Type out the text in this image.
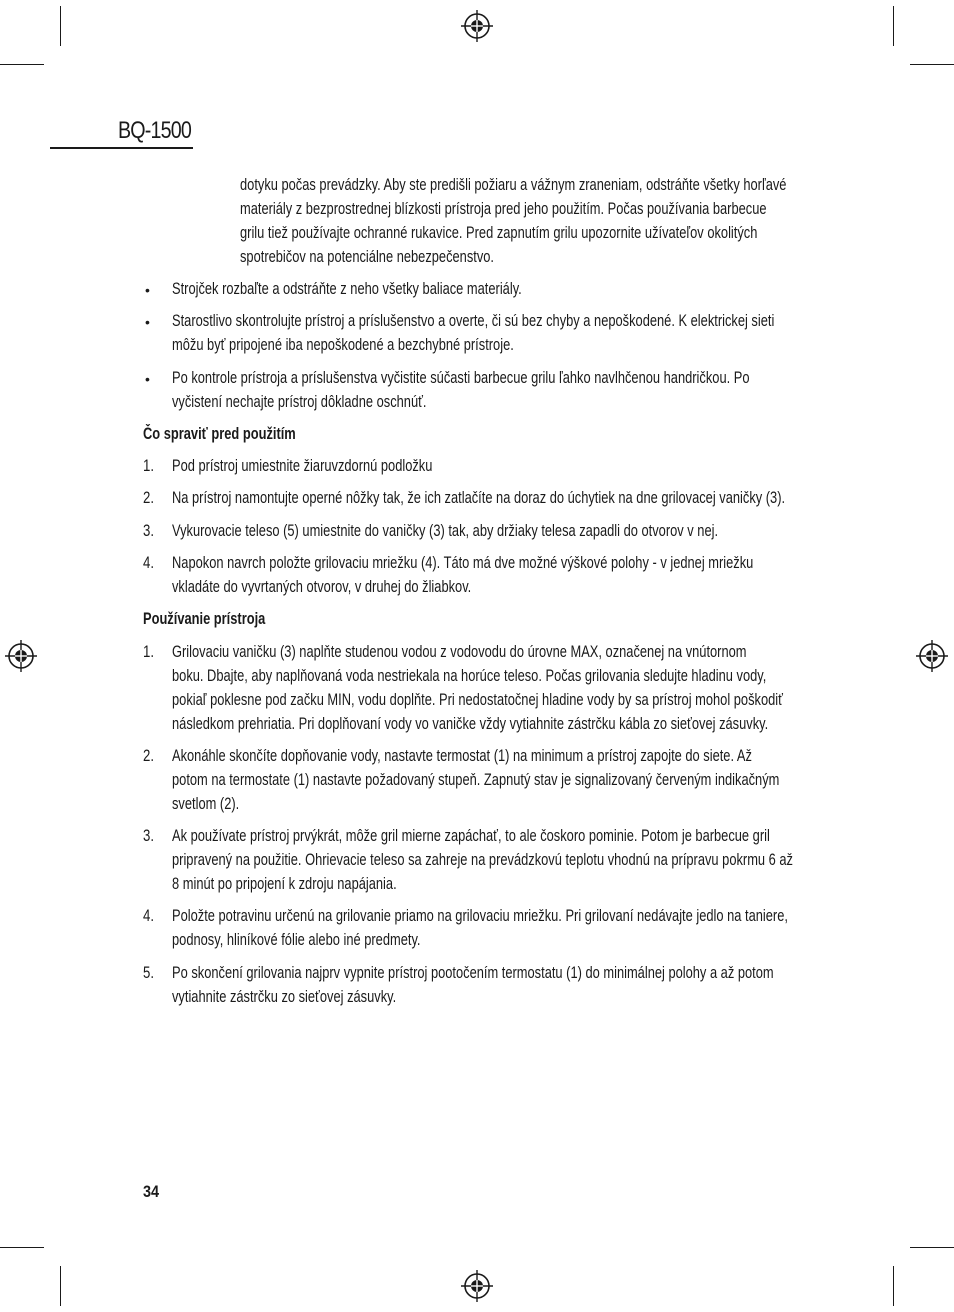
BQ-1500
dotyku počas prevádzky. Aby ste predišli požiaru a vážnym zraneniam, odstráňte všetky horľavé
materiály z bezprostrednej blízkosti prístroja pred jeho použitím. Počas používania barbecue
grilu tiež používajte ochranné rukavice. Pred zapnutím grilu upozornite užívateľov okolitých
spotrebičov na potenciálne nebezpečenstvo.
• Strojček rozbaľte a odstráňte z neho všetky baliace materiály.
• Starostlivo skontrolujte prístroj a príslušenstvo a overte, či sú bez chyby a nepoškodené. K elektrickej sieti
môžu byť pripojené iba nepoškodené a bezchybné prístroje.
• Po kontrole prístroja a príslušenstva vyčistite súčasti barbecue grilu ľahko navlhčenou handričkou. Po
vyčistení nechajte prístroj dôkladne oschnúť.
Čo spraviť pred použitím
1. Pod prístroj umiestnite žiaruvzdornú podložku
2. Na prístroj namontujte operné nôžky tak, že ich zatlačíte na doraz do úchytiek na dne grilovacej vaničky (3).
3. Vykurovacie teleso (5) umiestnite do vaničky (3) tak, aby držiaky telesa zapadli do otvorov v nej.
4. Napokon navrch položte grilovaciu mriežku (4). Táto má dve možné výškové polohy - v jednej mriežku
vkladáte do vyvrtaných otvorov, v druhej do žliabkov.
Používanie prístroja
1. Grilovaciu vaničku (3) naplňte studenou vodou z vodovodu do úrovne MAX, označenej na vnútornom
boku. Dbajte, aby naplňovaná voda nestriekala na horúce teleso. Počas grilovania sledujte hladinu vody,
pokiaľ poklesne pod začku MIN, vodu doplňte. Pri nedostatočnej hladine vody by sa prístroj mohol poškodiť
následkom prehriatia. Pri doplňovaní vody vo vaničke vždy vytiahnite zástrčku kábla zo sieťovej zásuvky.
2. Akonáhle skončíte dopňovanie vody, nastavte termostat (1) na minimum a prístroj zapojte do siete. Až
potom na termostate (1) nastavte požadovaný stupeň. Zapnutý stav je signalizovaný červeným indikačným
svetlom (2).
3. Ak používate prístroj prvýkrát, môže gril mierne zapáchať, to ale čoskoro pominie. Potom je barbecue gril
pripravený na použitie. Ohrievacie teleso sa zahreje na prevádzkovú teplotu vhodnú na prípravu pokrmu 6 až
8 minút po pripojení k zdroju napájania.
4. Položte potravinu určenú na grilovanie priamo na grilovaciu mriežku. Pri grilovaní nedávajte jedlo na taniere,
podnosy, hliníkové fólie alebo iné predmety.
5. Po skončení grilovania najprv vypnite prístroj pootočením termostatu (1) do minimálnej polohy a až potom
vytiahnite zástrčku zo sieťovej zásuvky.
34
